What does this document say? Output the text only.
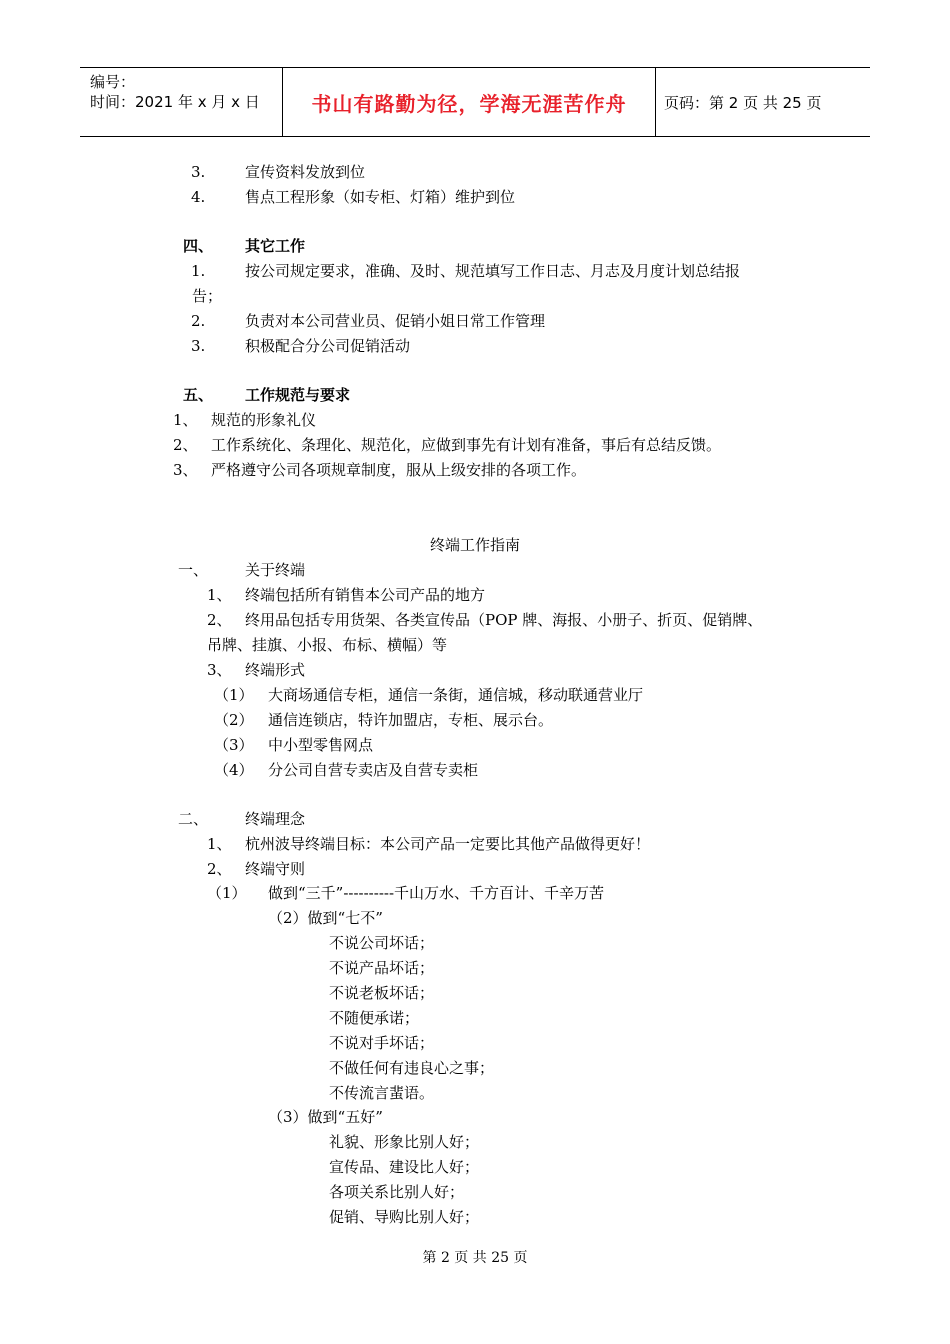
编号：
时间：2021 年 x 月 x 日	书山有路勤为径，学海无涯苦作舟	页码：第 2 页 共 25 页
3.	宣传资料发放到位
4.	售点工程形象（如专柜、灯箱）维护到位
四、 其它工作
1.	按公司规定要求，准确、及时、规范填写工作日志、月志及月度计划总结报
告；
2.	负责对本公司营业员、促销小姐日常工作管理
3.	积极配合分公司促销活动
五、 工作规范与要求
1、 规范的形象礼仪
2、 工作系统化、条理化、规范化，应做到事先有计划有准备，事后有总结反馈。
3、 严格遵守公司各项规章制度，服从上级安排的各项工作。
终端工作指南
一、 关于终端
1、 终端包括所有销售本公司产品的地方
2、 终用品包括专用货架、各类宣传品（POP 牌、海报、小册子、折页、促销牌、
吊牌、挂旗、小报、布标、横幅）等
3、 终端形式
（1） 大商场通信专柜，通信一条街，通信城，移动联通营业厅
（2） 通信连锁店，特许加盟店，专柜、展示台。
（3） 中小型零售网点
（4） 分公司自营专卖店及自营专卖柜
二、 终端理念
1、 杭州波导终端目标：本公司产品一定要比其他产品做得更好！
2、 终端守则
（1） 做到“三千”----------千山万水、千方百计、千辛万苦
（2）做到“七不”
不说公司坏话；
不说产品坏话；
不说老板坏话；
不随便承诺；
不说对手坏话；
不做任何有违良心之事；
不传流言蜚语。
（3）做到“五好”
礼貌、形象比别人好；
宣传品、建设比人好；
各项关系比别人好；
促销、导购比别人好；
第 2 页 共 25 页
